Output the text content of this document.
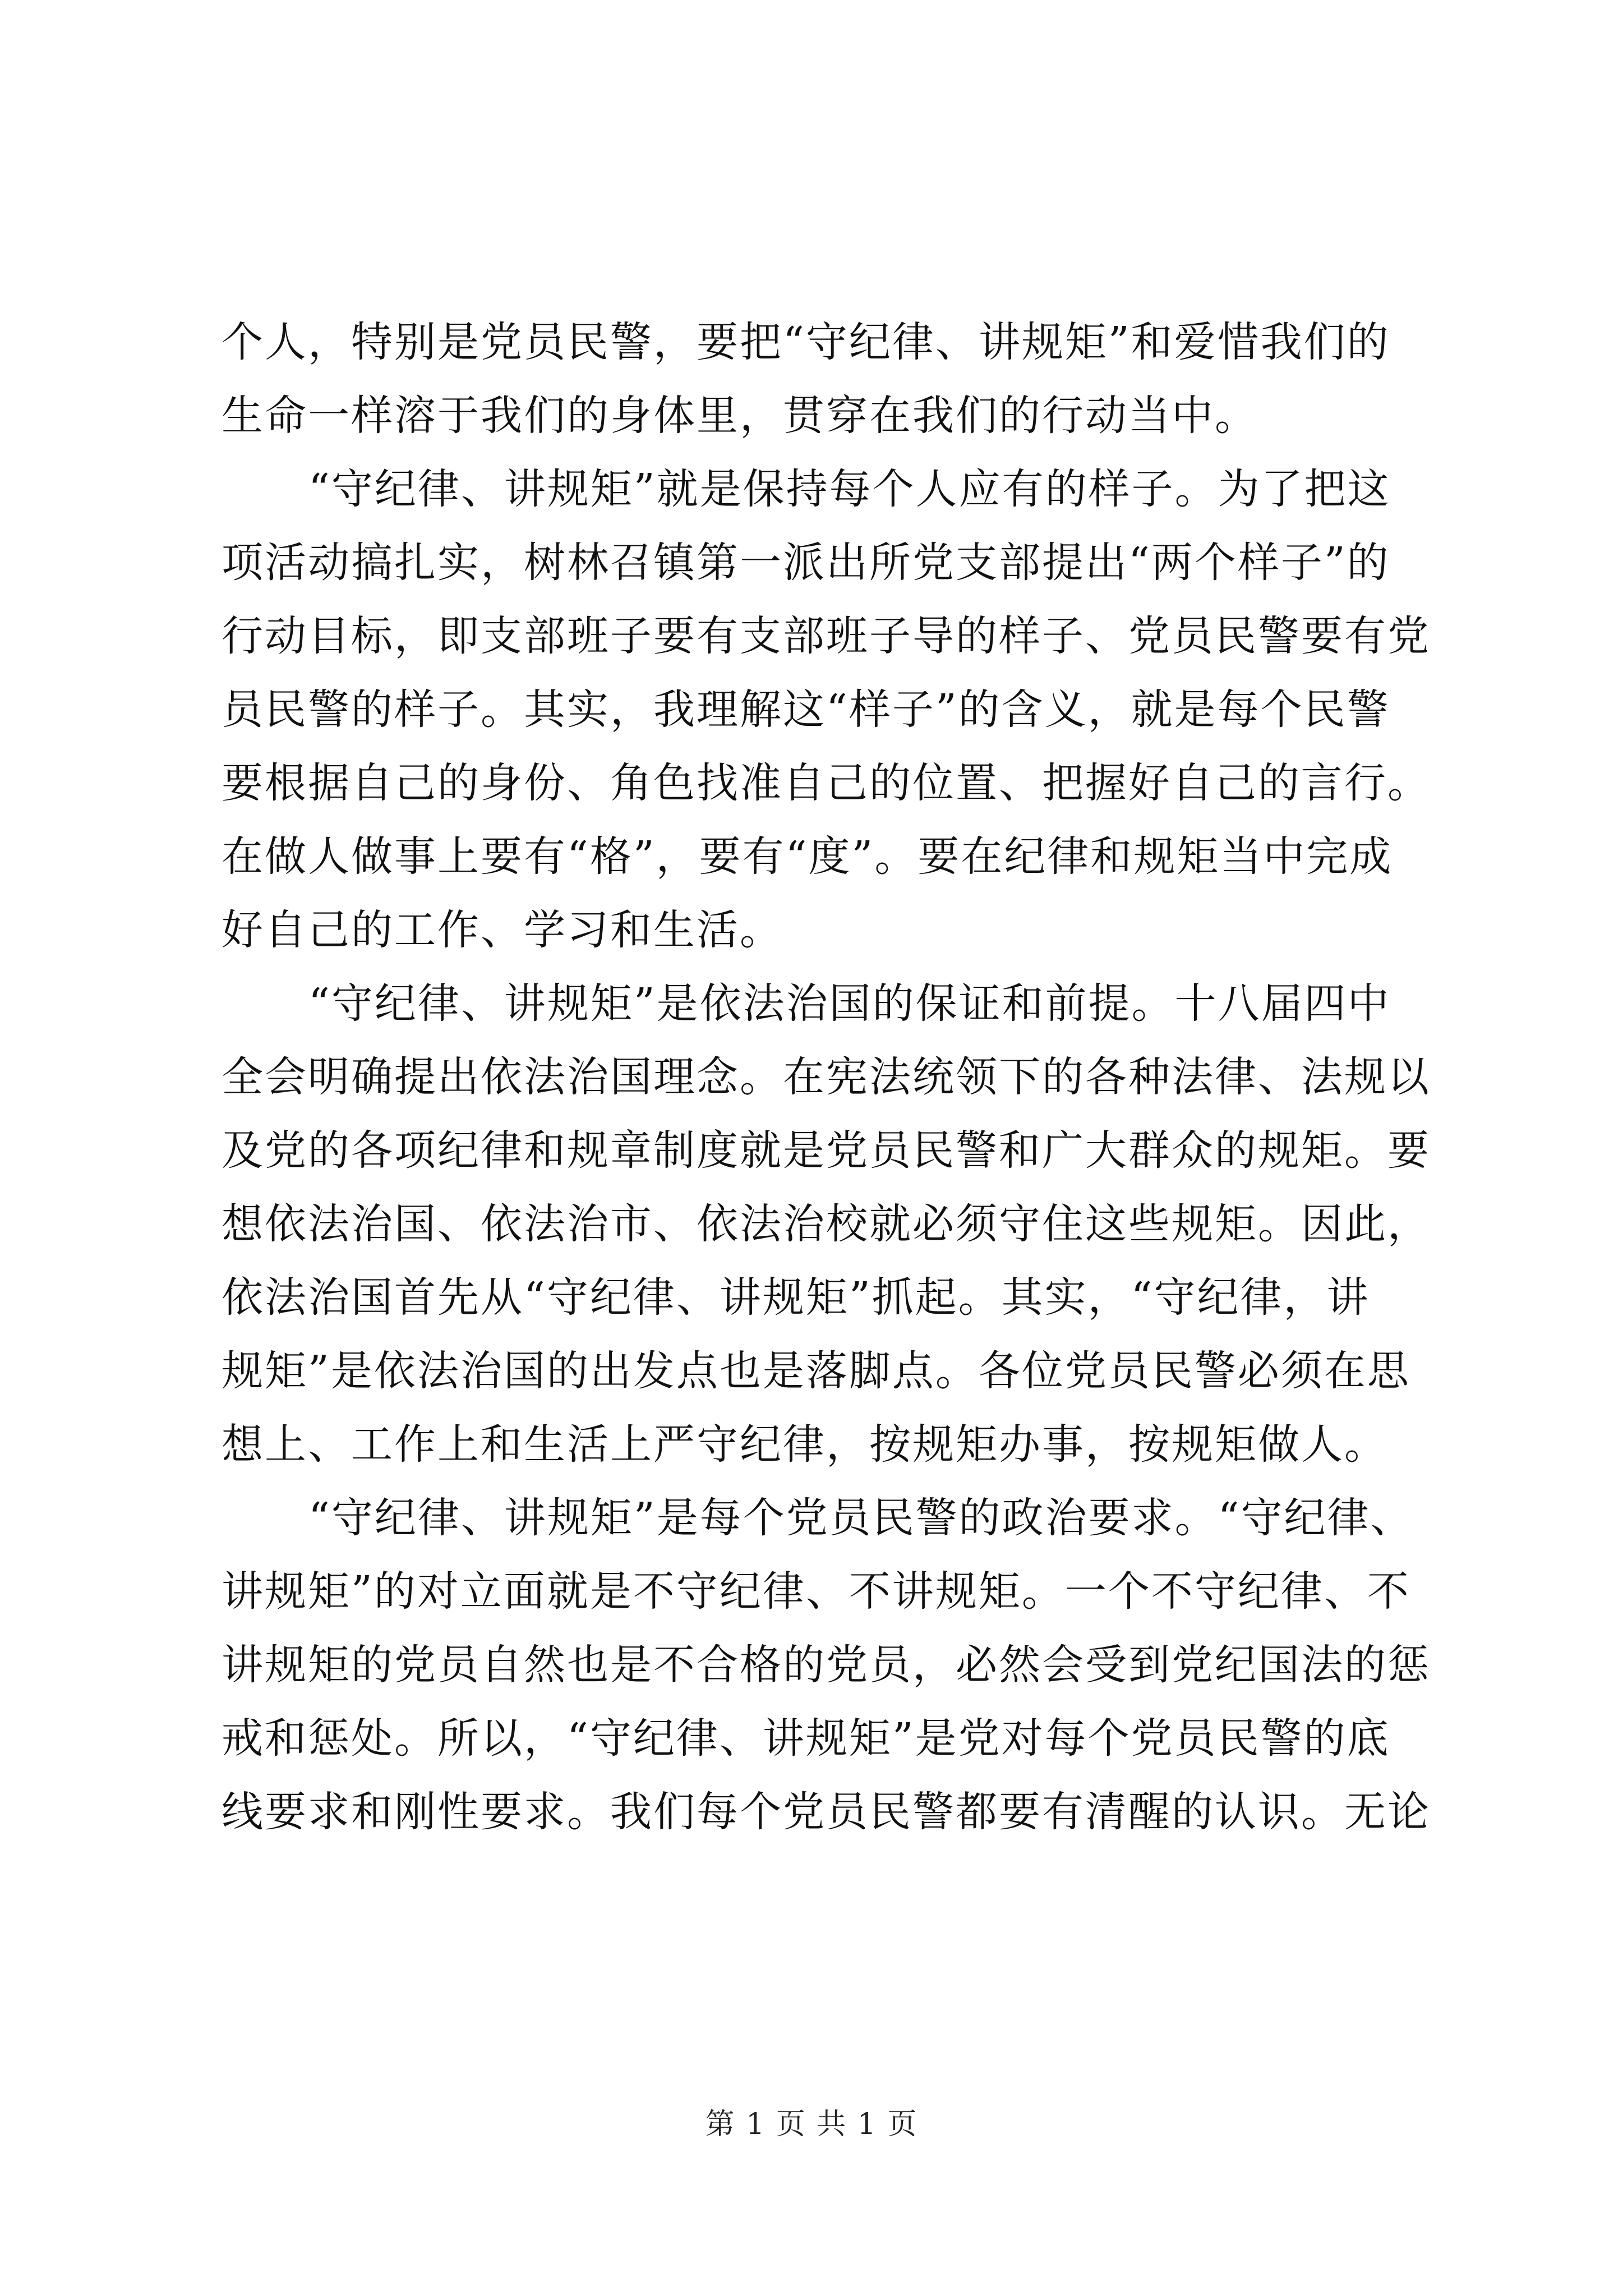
个人，特别是党员民警，要把“守纪律、讲规矩”和爱惜我们的
生命一样溶于我们的身体里，贯穿在我们的行动当中。
“守纪律、讲规矩”就是保持每个人应有的样子。为了把这
项活动搞扎实，树林召镇第一派出所党支部提出“两个样子”的
行动目标，即支部班子要有支部班子导的样子、党员民警要有党
员民警的样子。其实，我理解这“样子”的含义，就是每个民警
要根据自己的身份、角色找准自己的位置、把握好自己的言行。
在做人做事上要有“格”，要有“度”。要在纪律和规矩当中完成
好自己的工作、学习和生活。
“守纪律、讲规矩”是依法治国的保证和前提。十八届四中
全会明确提出依法治国理念。在宪法统领下的各种法律、法规以
及党的各项纪律和规章制度就是党员民警和广大群众的规矩。要
想依法治国、依法治市、依法治校就必须守住这些规矩。因此，
依法治国首先从“守纪律、讲规矩”抓起。其实，“守纪律，讲
规矩”是依法治国的出发点也是落脚点。各位党员民警必须在思
想上、工作上和生活上严守纪律，按规矩办事，按规矩做人。
“守纪律、讲规矩”是每个党员民警的政治要求。“守纪律、
讲规矩”的对立面就是不守纪律、不讲规矩。一个不守纪律、不
讲规矩的党员自然也是不合格的党员，必然会受到党纪国法的惩
戒和惩处。所以，“守纪律、讲规矩”是党对每个党员民警的底
线要求和刚性要求。我们每个党员民警都要有清醒的认识。无论
第 1 页 共 1 页
